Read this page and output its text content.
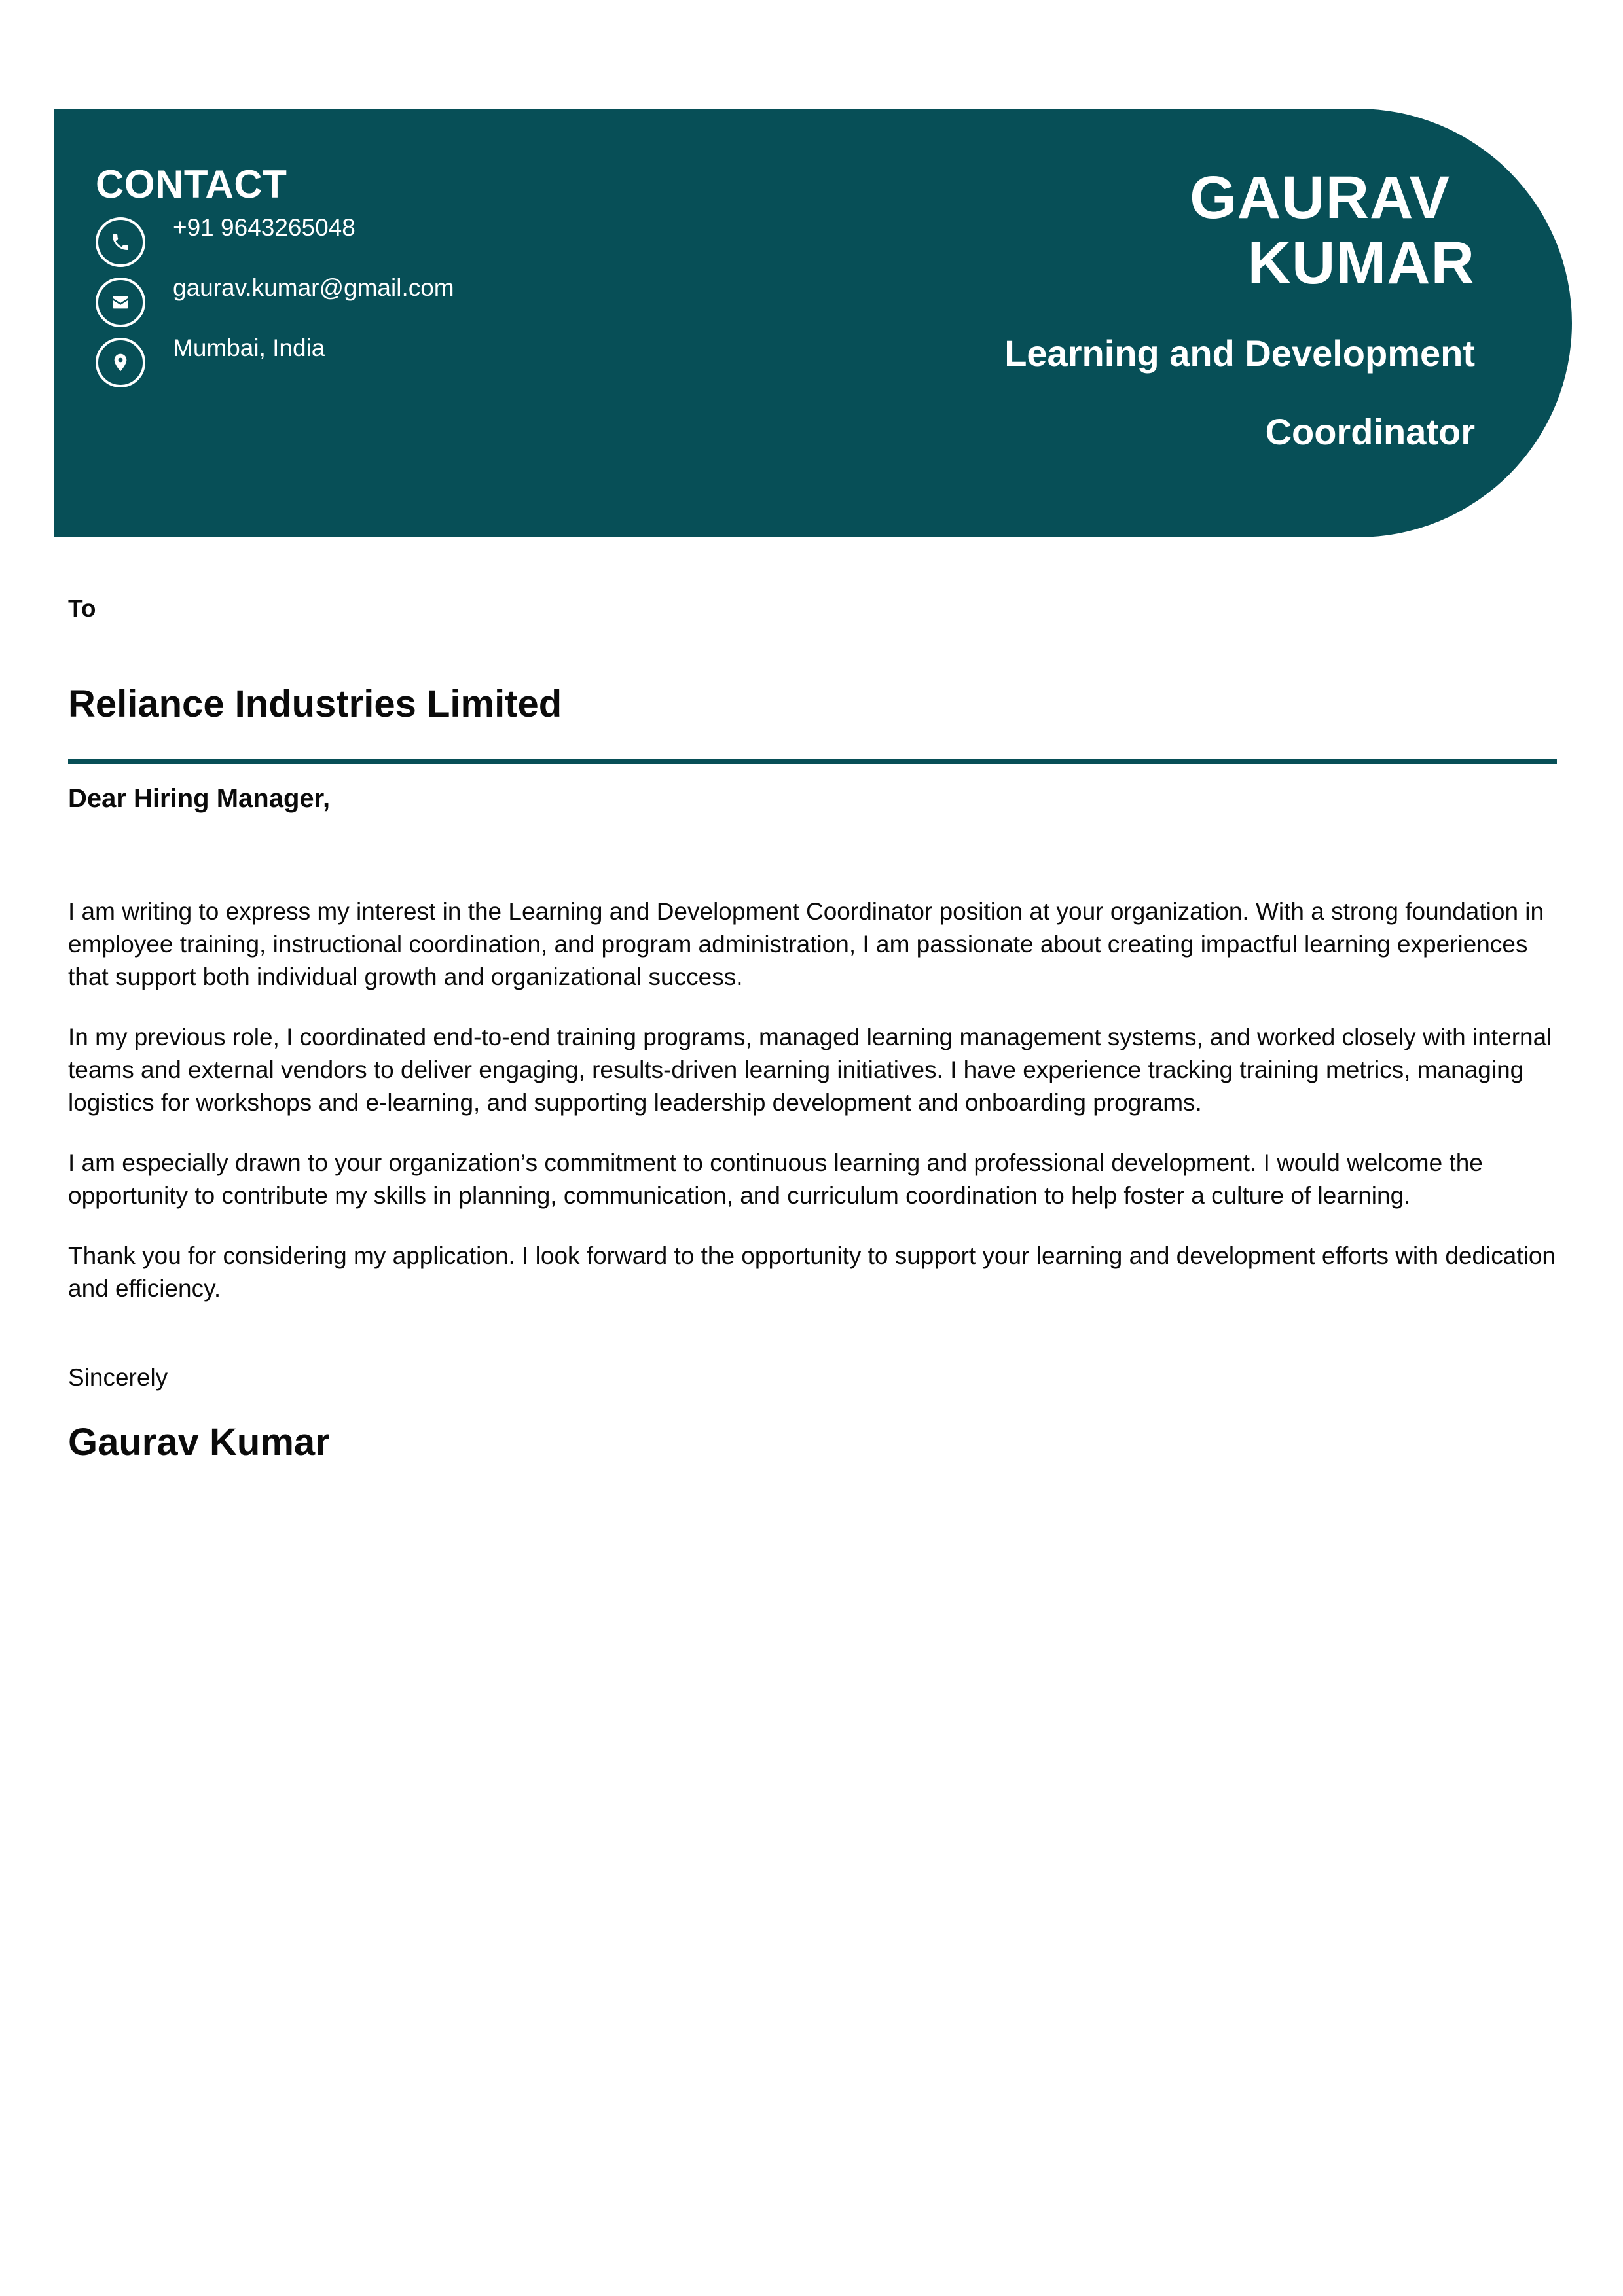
CONTACT
+91 9643265048
gaurav.kumar@gmail.com
Mumbai, India
GAURAV
KUMAR
Learning and Development
Coordinator

To

Reliance Industries Limited

Dear Hiring Manager,

I am writing to express my interest in the Learning and Development Coordinator position at your organization. With a strong foundation in employee training, instructional coordination, and program administration, I am passionate about creating impactful learning experiences that support both individual growth and organizational success.

In my previous role, I coordinated end-to-end training programs, managed learning management systems, and worked closely with internal teams and external vendors to deliver engaging, results-driven learning initiatives. I have experience tracking training metrics, managing logistics for workshops and e-learning, and supporting leadership development and onboarding programs.

I am especially drawn to your organization’s commitment to continuous learning and professional development. I would welcome the opportunity to contribute my skills in planning, communication, and curriculum coordination to help foster a culture of learning.

Thank you for considering my application. I look forward to the opportunity to support your learning and development efforts with dedication and efficiency.

Sincerely

Gaurav Kumar
